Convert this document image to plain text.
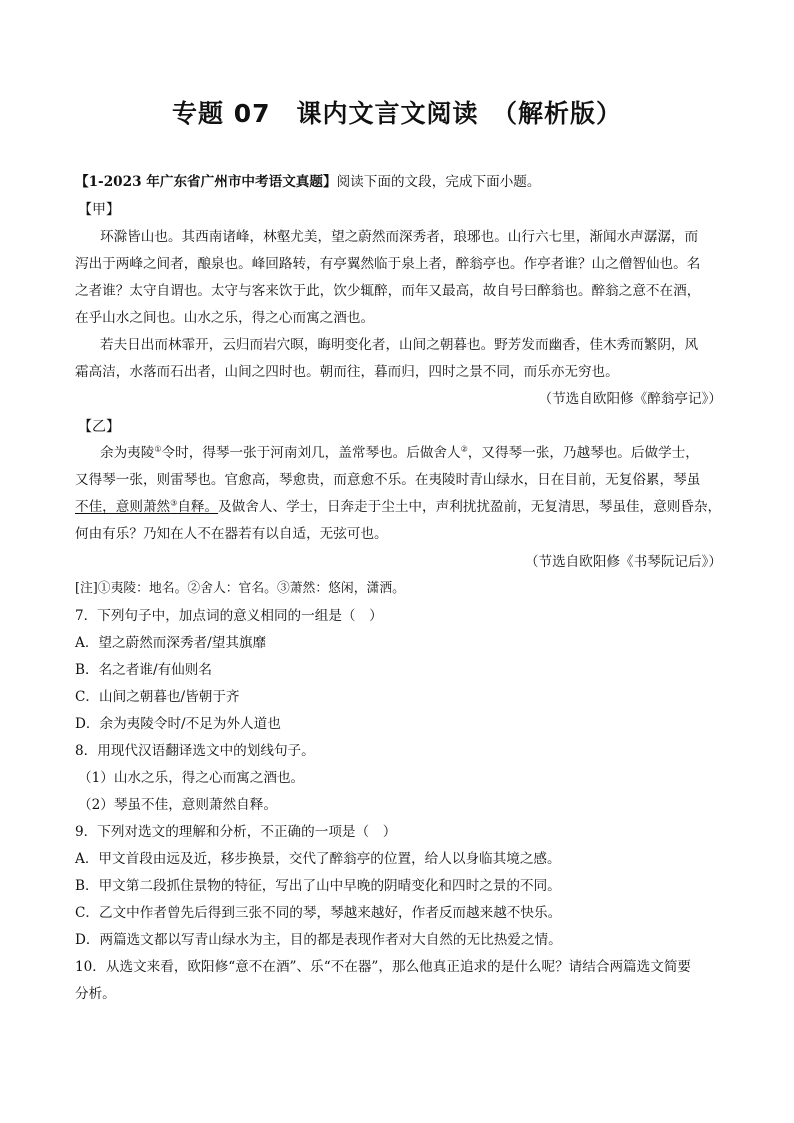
专题 07　课内文言文阅读　（解析版）
【1-2023 年广东省广州市中考语文真题】阅读下面的文段，完成下面小题。
【甲】
环滁皆山也。其西南诸峰，林壑尤美，望之蔚然而深秀者，琅琊也。山行六七里，渐闻水声潺潺，而
泻出于两峰之间者，酿泉也。峰回路转，有亭翼然临于泉上者，醉翁亭也。作亭者谁？山之僧智仙也。名
之者谁？太守自谓也。太守与客来饮于此，饮少辄醉，而年又最高，故自号曰醉翁也。醉翁之意不在酒，
在乎山水之间也。山水之乐，得之心而寓之酒也。
若夫日出而林霏开，云归而岩穴暝，晦明变化者，山间之朝暮也。野芳发而幽香，佳木秀而繁阴，风
霜高洁，水落而石出者，山间之四时也。朝而往，暮而归，四时之景不同，而乐亦无穷也。
（节选自欧阳修《醉翁亭记》）
【乙】
余为夷陵①令时，得琴一张于河南刘几，盖常琴也。后做舍人②，又得琴一张，乃越琴也。后做学士，
又得琴一张，则雷琴也。官愈高，琴愈贵，而意愈不乐。在夷陵时青山绿水，日在目前，无复俗累，琴虽
不佳，意则萧然③自释。及做舍人、学士，日奔走于尘土中，声利扰扰盈前，无复清思，琴虽佳，意则昏杂，
何由有乐？乃知在人不在器若有以自适，无弦可也。
（节选自欧阳修《书琴阮记后》）
[注]①夷陵：地名。②舍人：官名。③萧然：悠闲，潇洒。
7．下列句子中，加点词的意义相同的一组是（　）
A．望之蔚然而深秀者/望其旗靡
B．名之者谁/有仙则名
C．山间之朝暮也/皆朝于齐
D．余为夷陵令时/不足为外人道也
8．用现代汉语翻译选文中的划线句子。
（1）山水之乐，得之心而寓之酒也。
（2）琴虽不佳，意则萧然自释。
9．下列对选文的理解和分析，不正确的一项是（　）
A．甲文首段由远及近，移步换景，交代了醉翁亭的位置，给人以身临其境之感。
B．甲文第二段抓住景物的特征，写出了山中早晚的阴晴变化和四时之景的不同。
C．乙文中作者曾先后得到三张不同的琴，琴越来越好，作者反而越来越不快乐。
D．两篇选文都以写青山绿水为主，目的都是表现作者对大自然的无比热爱之情。
10．从选文来看，欧阳修“意不在酒”、乐“不在器”，那么他真正追求的是什么呢？请结合两篇选文简要
分析。
